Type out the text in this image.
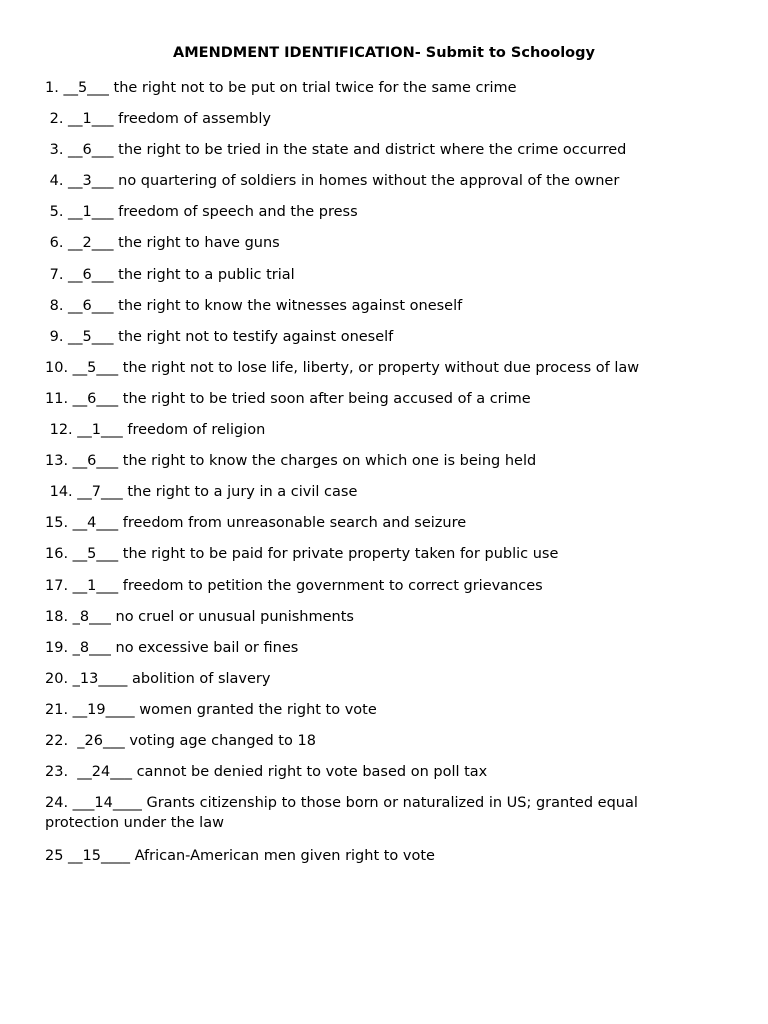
AMENDMENT IDENTIFICATION- Submit to Schoology
1. __5___ the right not to be put on trial twice for the same crime
2. __1___ freedom of assembly
3. __6___ the right to be tried in the state and district where the crime occurred
4. __3___ no quartering of soldiers in homes without the approval of the owner
5. __1___ freedom of speech and the press
6. __2___ the right to have guns
7. __6___ the right to a public trial
8. __6___ the right to know the witnesses against oneself
9. __5___ the right not to testify against oneself
10. __5___ the right not to lose life, liberty, or property without due process of law
11. __6___ the right to be tried soon after being accused of a crime
12. __1___ freedom of religion
13. __6___ the right to know the charges on which one is being held
14. __7___ the right to a jury in a civil case
15. __4___ freedom from unreasonable search and seizure
16. __5___ the right to be paid for private property taken for public use
17. __1___ freedom to petition the government to correct grievances
18. _8___ no cruel or unusual punishments
19. _8___ no excessive bail or fines
20. _13____ abolition of slavery
21. __19____ women granted the right to vote
22.  _26___ voting age changed to 18
23.  __24___ cannot be denied right to vote based on poll tax
24. ___14____ Grants citizenship to those born or naturalized in US; granted equal protection under the law
25 __15____ African-American men given right to vote
